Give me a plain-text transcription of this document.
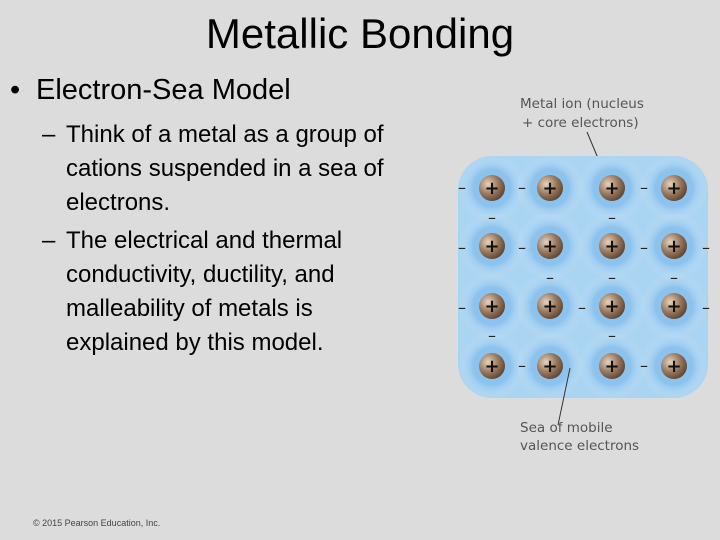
Metallic Bonding
• Electron-Sea Model
– Think of a metal as a group of cations suspended in a sea of electrons.
– The electrical and thermal conductivity, ductility, and malleability of metals is explained by this model.
Metal ion (nucleus
+ core electrons)
+ +	+	+
+ +	+	+
+ +	+	+
+ +	+	+
–	–	–
–	–
–	–
–	–
–	–	–
–	–	–
–	–
–	–
Sea of mobile
valence electrons
© 2015 Pearson Education, Inc.
